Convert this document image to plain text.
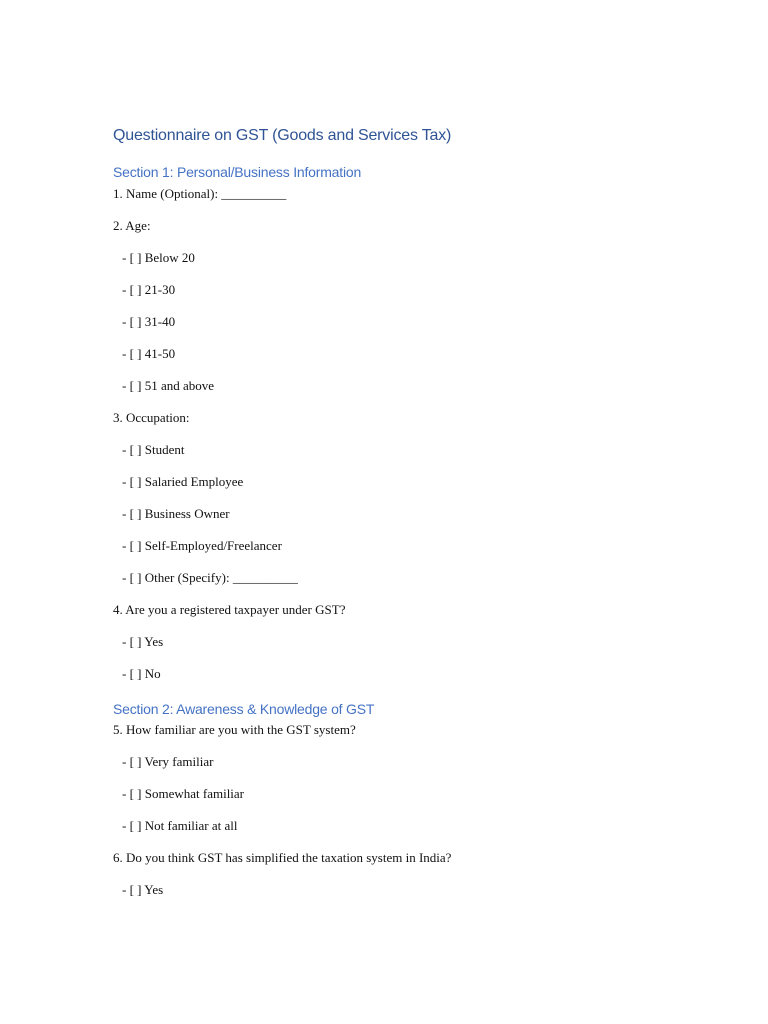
Questionnaire on GST (Goods and Services Tax)
Section 1: Personal/Business Information
1. Name (Optional): __________
2. Age:
- [ ] Below 20
- [ ] 21-30
- [ ] 31-40
- [ ] 41-50
- [ ] 51 and above
3. Occupation:
- [ ] Student
- [ ] Salaried Employee
- [ ] Business Owner
- [ ] Self-Employed/Freelancer
- [ ] Other (Specify): __________
4. Are you a registered taxpayer under GST?
- [ ] Yes
- [ ] No
Section 2: Awareness & Knowledge of GST
5. How familiar are you with the GST system?
- [ ] Very familiar
- [ ] Somewhat familiar
- [ ] Not familiar at all
6. Do you think GST has simplified the taxation system in India?
- [ ] Yes
